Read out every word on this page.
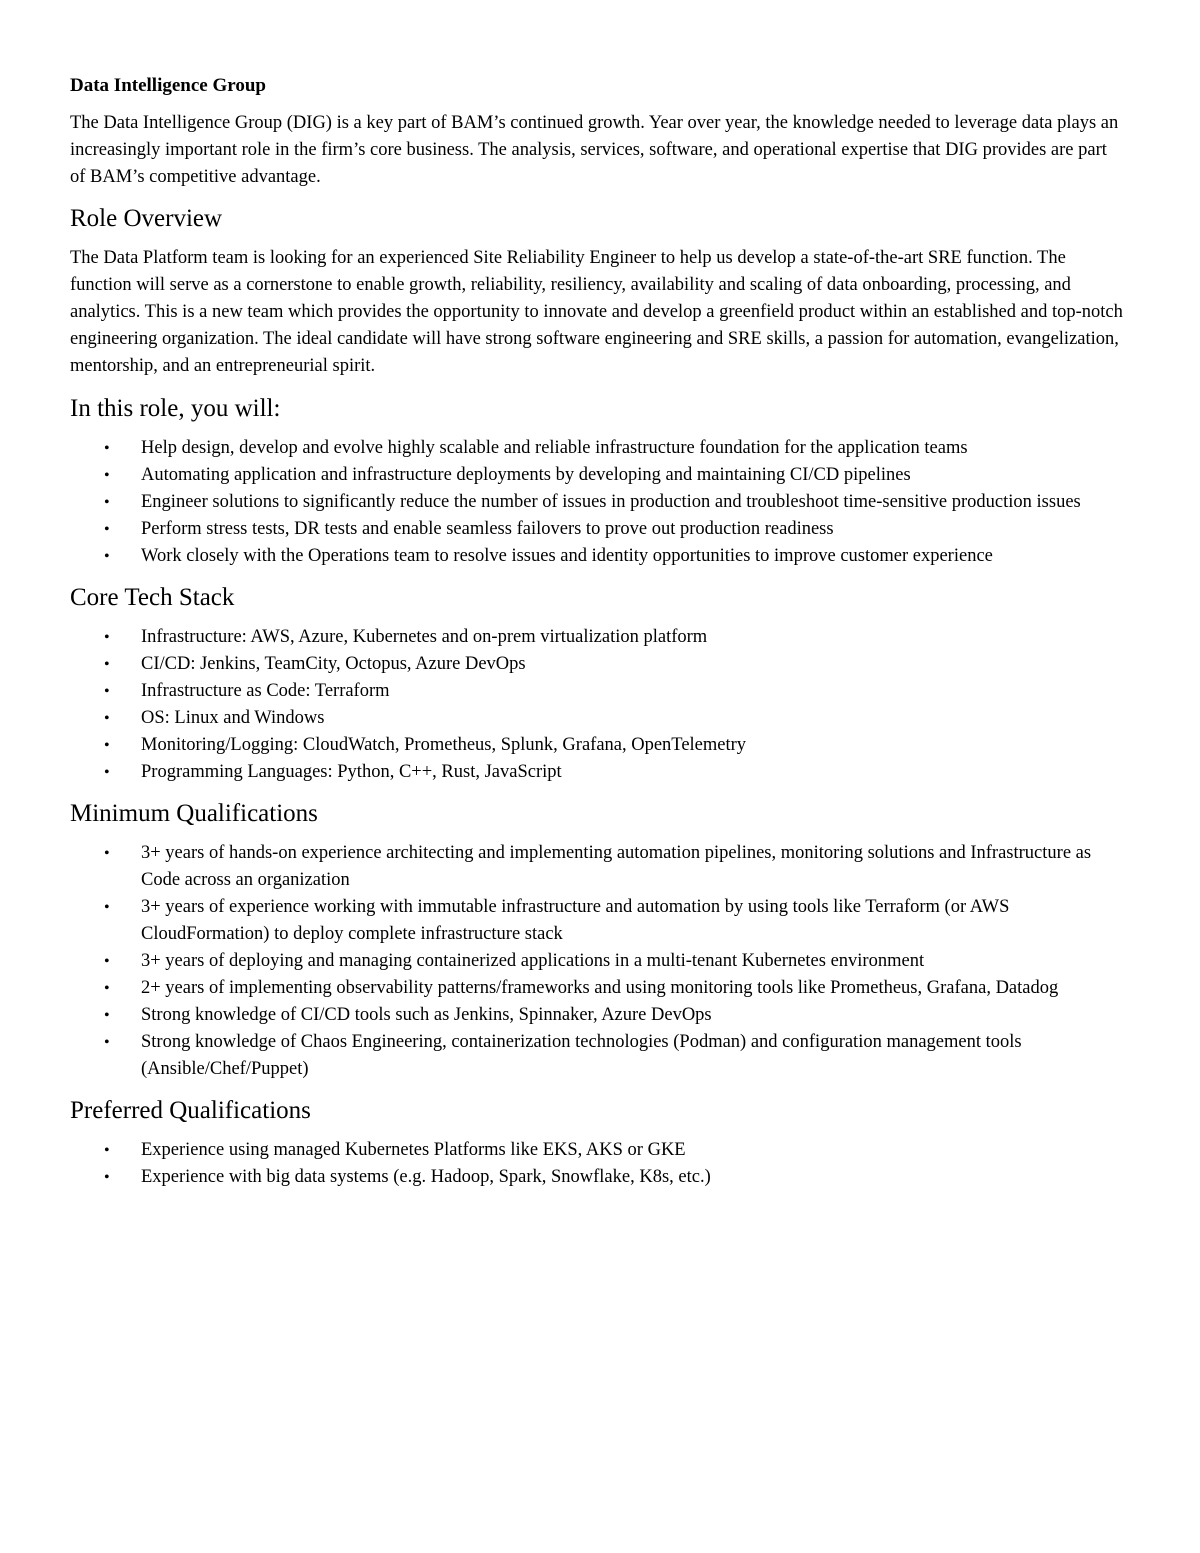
Data Intelligence Group

The Data Intelligence Group (DIG) is a key part of BAM’s continued growth. Year over year, the knowledge needed to leverage data plays an increasingly important role in the firm’s core business. The analysis, services, software, and operational expertise that DIG provides are part of BAM’s competitive advantage.

Role Overview

The Data Platform team is looking for an experienced Site Reliability Engineer to help us develop a state-of-the-art SRE function. The function will serve as a cornerstone to enable growth, reliability, resiliency, availability and scaling of data onboarding, processing, and analytics. This is a new team which provides the opportunity to innovate and develop a greenfield product within an established and top-notch engineering organization. The ideal candidate will have strong software engineering and SRE skills, a passion for automation, evangelization, mentorship, and an entrepreneurial spirit.

In this role, you will:
• Help design, develop and evolve highly scalable and reliable infrastructure foundation for the application teams
• Automating application and infrastructure deployments by developing and maintaining CI/CD pipelines
• Engineer solutions to significantly reduce the number of issues in production and troubleshoot time-sensitive production issues
• Perform stress tests, DR tests and enable seamless failovers to prove out production readiness
• Work closely with the Operations team to resolve issues and identity opportunities to improve customer experience
Core Tech Stack
• Infrastructure: AWS, Azure, Kubernetes and on-prem virtualization platform
• CI/CD: Jenkins, TeamCity, Octopus, Azure DevOps
• Infrastructure as Code: Terraform
• OS: Linux and Windows
• Monitoring/Logging: CloudWatch, Prometheus, Splunk, Grafana, OpenTelemetry
• Programming Languages: Python, C++, Rust, JavaScript
Minimum Qualifications
• 3+ years of hands-on experience architecting and implementing automation pipelines, monitoring solutions and Infrastructure as Code across an organization
• 3+ years of experience working with immutable infrastructure and automation by using tools like Terraform (or AWS CloudFormation) to deploy complete infrastructure stack
• 3+ years of deploying and managing containerized applications in a multi-tenant Kubernetes environment
• 2+ years of implementing observability patterns/frameworks and using monitoring tools like Prometheus, Grafana, Datadog
• Strong knowledge of CI/CD tools such as Jenkins, Spinnaker, Azure DevOps
• Strong knowledge of Chaos Engineering, containerization technologies (Podman) and configuration management tools (Ansible/Chef/Puppet)
Preferred Qualifications
• Experience using managed Kubernetes Platforms like EKS, AKS or GKE
• Experience with big data systems (e.g. Hadoop, Spark, Snowflake, K8s, etc.)
